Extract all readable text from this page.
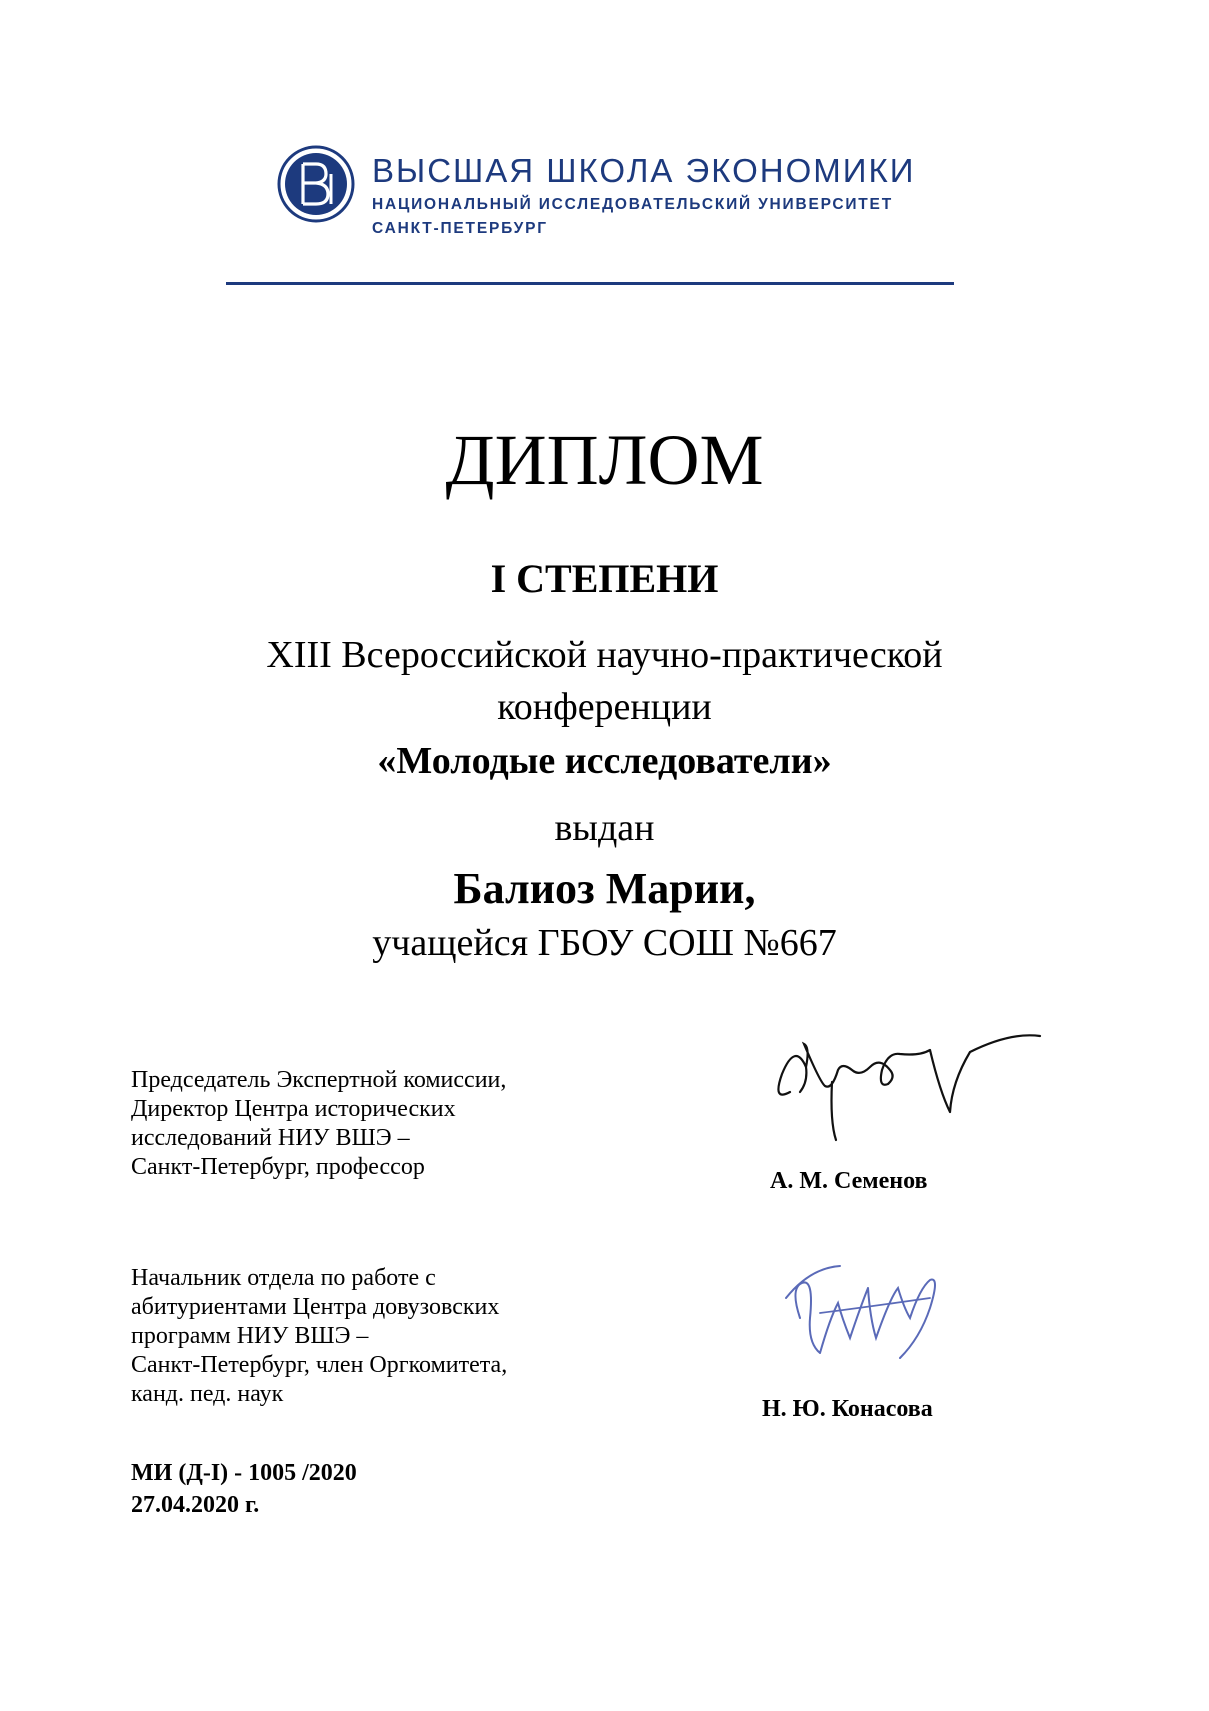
ВЫСШАЯ ШКОЛА ЭКОНОМИКИ
НАЦИОНАЛЬНЫЙ ИССЛЕДОВАТЕЛЬСКИЙ УНИВЕРСИТЕТ
САНКТ-ПЕТЕРБУРГ
ДИПЛОМ
I СТЕПЕНИ
XIII Всероссийской научно-практической
конференции
«Молодые исследователи»
выдан
Балиоз Марии,
учащейся ГБОУ СОШ №667
Председатель Экспертной комиссии,
Директор Центра исторических
исследований НИУ ВШЭ –
Санкт-Петербург, профессор
А. М. Семенов
Начальник отдела по работе с
абитуриентами Центра довузовских
программ НИУ ВШЭ –
Санкт-Петербург, член Оргкомитета,
канд. пед. наук
Н. Ю. Конасова
МИ (Д-I) - 1005 /2020
27.04.2020 г.
